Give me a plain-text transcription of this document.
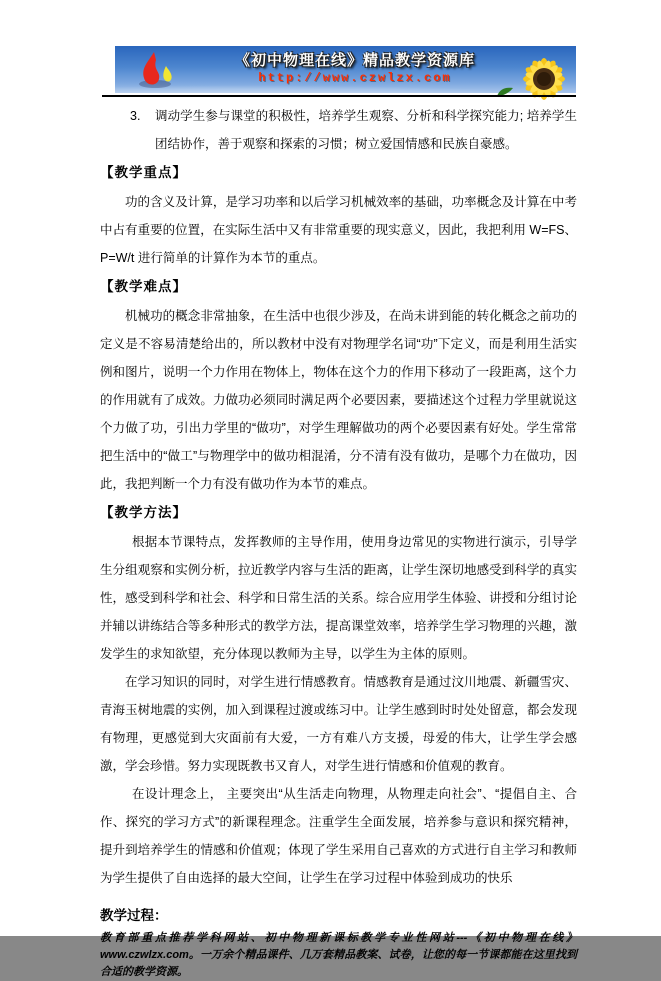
《初中物理在线》精品教学资源库
http://www.czwlzx.com
3.	调动学生参与课堂的积极性，培养学生观察、分析和科学探究能力; 培养学生团结协作，善于观察和探索的习惯；树立爱国情感和民族自豪感。
【教学重点】

功的含义及计算，是学习功率和以后学习机械效率的基础，功率概念及计算在中考中占有重要的位置，在实际生活中又有非常重要的现实意义，因此，我把利用 W=FS、P=W/t 进行简单的计算作为本节的重点。

【教学难点】

机械功的概念非常抽象，在生活中也很少涉及，在尚未讲到能的转化概念之前功的定义是不容易清楚给出的，所以教材中没有对物理学名词“功”下定义，而是利用生活实例和图片，说明一个力作用在物体上，物体在这个力的作用下移动了一段距离，这个力的作用就有了成效。力做功必须同时满足两个必要因素，要描述这个过程力学里就说这个力做了功，引出力学里的“做功”，对学生理解做功的两个必要因素有好处。学生常常把生活中的“做工”与物理学中的做功相混淆，分不清有没有做功，是哪个力在做功，因此，我把判断一个力有没有做功作为本节的难点。

【教学方法】

根据本节课特点，发挥教师的主导作用，使用身边常见的实物进行演示，引导学生分组观察和实例分析，拉近教学内容与生活的距离，让学生深切地感受到科学的真实性，感受到科学和社会、科学和日常生活的关系。综合应用学生体验、讲授和分组讨论并辅以讲练结合等多种形式的教学方法，提高课堂效率，培养学生学习物理的兴趣，激发学生的求知欲望，充分体现以教师为主导，以学生为主体的原则。

在学习知识的同时，对学生进行情感教育。情感教育是通过汶川地震、新疆雪灾、青海玉树地震的实例，加入到课程过渡或练习中。让学生感到时时处处留意，都会发现有物理，更感觉到大灾面前有大爱，一方有难八方支援，母爱的伟大，让学生学会感激，学会珍惜。努力实现既教书又育人，对学生进行情感和价值观的教育。

在设计理念上， 主要突出“从生活走向物理，从物理走向社会”、“提倡自主、合作、探究的学习方式”的新课程理念。注重学生全面发展，培养参与意识和探究精神，提升到培养学生的情感和价值观；体现了学生采用自己喜欢的方式进行自主学习和教师为学生提供了自由选择的最大空间，让学生在学习过程中体验到成功的快乐

教学过程：

教育部重点推荐学科网站、初中物理新课标教学专业性网站---《初中物理在线》www.czwlzx.com。一万余个精品课件、几万套精品教案、试卷，让您的每一节课都能在这里找到合适的教学资源。
